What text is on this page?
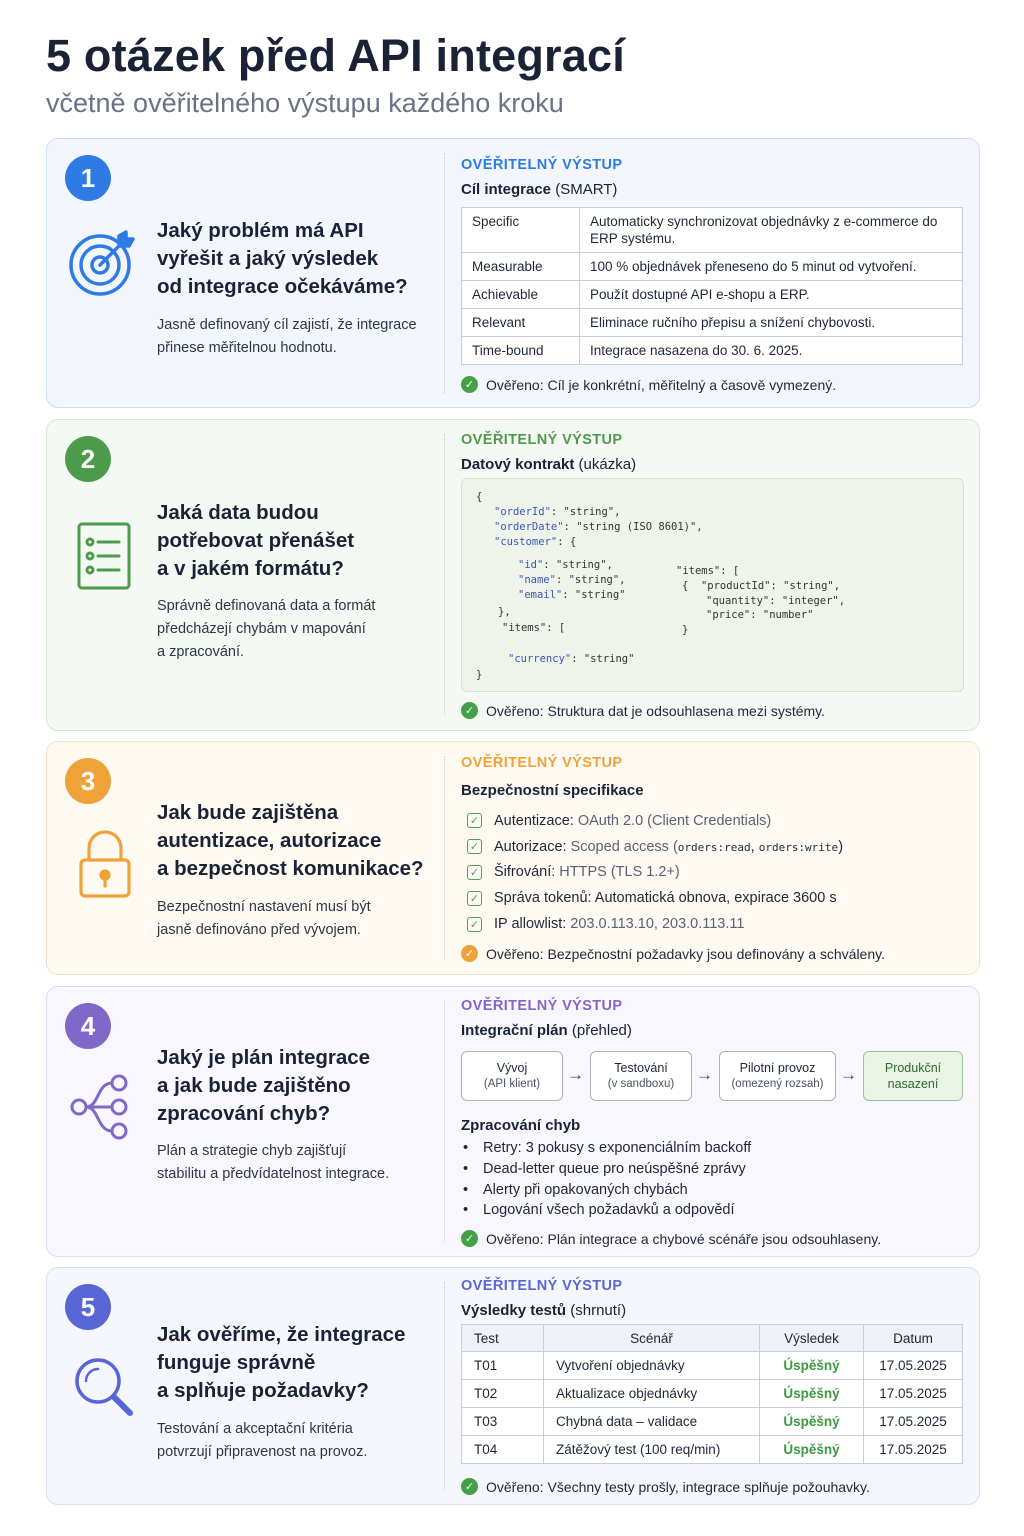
5 otázek před API integrací
včetně ověřitelného výstupu každého kroku
1
Jaký problém má API
vyřešit a jaký výsledek
od integrace očekáváme?
Jasně definovaný cíl zajistí, že integrace
přinese měřitelnou hodnotu.
OVĚŘITELNÝ VÝSTUP
Cíl integrace (SMART)
Specific	Automaticky synchronizovat objednávky z e-commerce do ERP systému.
Measurable	100 % objednávek přeneseno do 5 minut od vytvoření.
Achievable	Použít dostupné API e-shopu a ERP.
Relevant	Eliminace ručního přepisu a snížení chybovosti.
Time-bound	Integrace nasazena do 30. 6. 2025.
✓ Ověřeno: Cíl je konkrétní, měřitelný a časově vymezený.
2
Jaká data budou
potřebovat přenášet
a v jakém formátu?
Správně definovaná data a formát
předcházejí chybám v mapování
a zpracování.
OVĚŘITELNÝ VÝSTUP
Datový kontrakt (ukázka)
{
"orderId": "string",
"orderDate": "string (ISO 8601)",
"customer": {
"id": "string",
"name": "string",
"email": "string"
},
"items": [
"currency": "string"
}
"items": [
{  "productId": "string",
"quantity": "integer",
"price": "number"
}
✓ Ověřeno: Struktura dat je odsouhlasena mezi systémy.
3
Jak bude zajištěna
autentizace, autorizace
a bezpečnost komunikace?
Bezpečnostní nastavení musí být
jasně definováno před vývojem.
OVĚŘITELNÝ VÝSTUP
Bezpečnostní specifikace
✓ Autentizace: OAuth 2.0 (Client Credentials)
✓ Autorizace: Scoped access (orders:read, orders:write)
✓ Šifrování: HTTPS (TLS 1.2+)
✓ Správa tokenů: Automatická obnova, expirace 3600 s
✓ IP allowlist: 203.0.113.10, 203.0.113.11
✓ Ověřeno: Bezpečnostní požadavky jsou definovány a schváleny.
4
Jaký je plán integrace
a jak bude zajištěno
zpracování chyb?
Plán a strategie chyb zajišťují
stabilitu a předvídatelnost integrace.
OVĚŘITELNÝ VÝSTUP
Integrační plán (přehled)
Vývoj
(API klient)	→	Testování
(v sandboxu)	→	Pilotní provoz
(omezený rozsah) →	Produkční
nasazení
Zpracování chyb
• Retry: 3 pokusy s exponenciálním backoff
• Dead-letter queue pro neúspěšné zprávy
• Alerty při opakovaných chybách
• Logování všech požadavků a odpovědí
✓ Ověřeno: Plán integrace a chybové scénáře jsou odsouhlaseny.
5
Jak ověříme, že integrace
funguje správně
a splňuje požadavky?
Testování a akceptační kritéria
potvrzují připravenost na provoz.
OVĚŘITELNÝ VÝSTUP
Výsledky testů (shrnutí)
Test	Scénář	Výsledek	Datum
T01	Vytvoření objednávky	Úspěšný	17.05.2025
T02	Aktualizace objednávky	Úspěšný	17.05.2025
T03	Chybná data – validace	Úspěšný	17.05.2025
T04	Zátěžový test (100 req/min)	Úspěšný	17.05.2025
✓ Ověřeno: Všechny testy prošly, integrace splňuje požouhavky.
